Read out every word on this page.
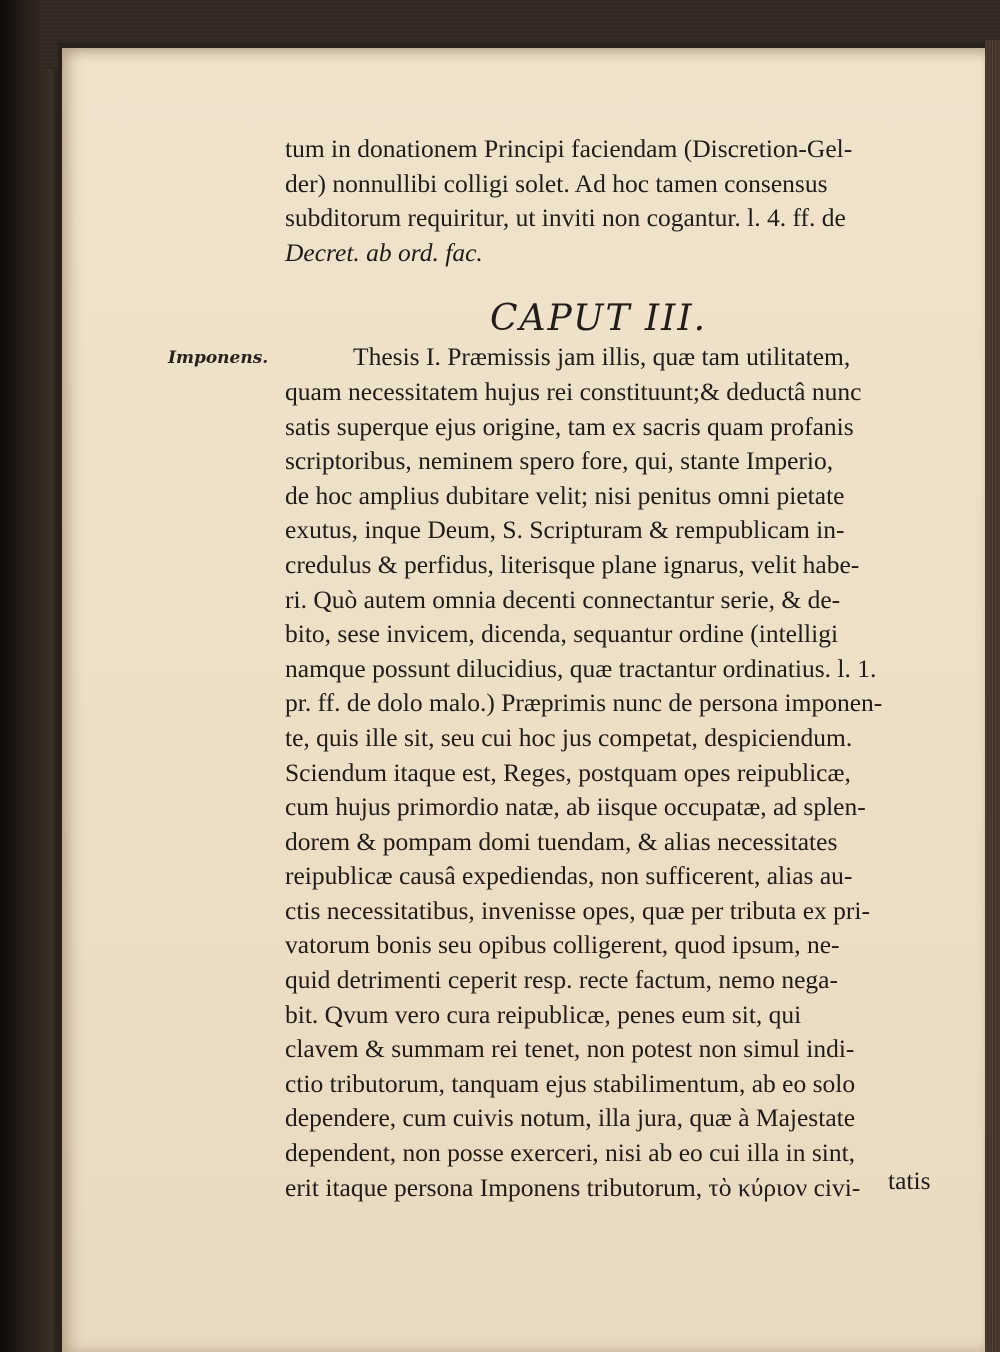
Imponens.
CAPUT III.
tum in donationem Principi faciendam (Discretion-Gel-
der) nonnullibi colligi solet. Ad hoc tamen consensus
subditorum requiritur, ut inviti non cogantur. l. 4. ff. de
Decret. ab ord. fac.
Thesis I. Præmissis jam illis, quæ tam utilitatem,
quam necessitatem hujus rei constituunt;& deductâ nunc
satis superque ejus origine, tam ex sacris quam profanis
scriptoribus, neminem spero fore, qui, stante Imperio,
de hoc amplius dubitare velit; nisi penitus omni pietate
exutus, inque Deum, S. Scripturam & rempublicam in-
credulus & perfidus, literisque plane ignarus, velit habe-
ri. Quò autem omnia decenti connectantur serie, & de-
bito, sese invicem, dicenda, sequantur ordine (intelligi
namque possunt dilucidius, quæ tractantur ordinatius. l. 1.
pr. ff. de dolo malo.) Præprimis nunc de persona imponen-
te, quis ille sit, seu cui hoc jus competat, despiciendum.
Sciendum itaque est, Reges, postquam opes reipublicæ,
cum hujus primordio natæ, ab iisque occupatæ, ad splen-
dorem & pompam domi tuendam, & alias necessitates
reipublicæ causâ expediendas, non sufficerent, alias au-
ctis necessitatibus, invenisse opes, quæ per tributa ex pri-
vatorum bonis seu opibus colligerent, quod ipsum, ne-
quid detrimenti ceperit resp. recte factum, nemo nega-
bit. Qvum vero cura reipublicæ, penes eum sit, qui
clavem & summam rei tenet, non potest non simul indi-
ctio tributorum, tanquam ejus stabilimentum, ab eo solo
dependere, cum cuivis notum, illa jura, quæ à Majestate
dependent, non posse exerceri, nisi ab eo cui illa in sint,
erit itaque persona Imponens tributorum, τὸ κύριον civi-	tatis
